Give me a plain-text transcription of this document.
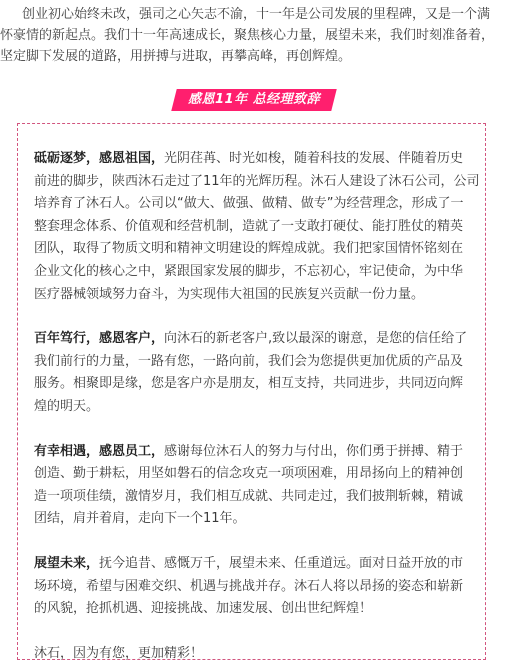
创业初心始终未改，强司之心矢志不渝，十一年是公司发展的里程碑，又是一个满
怀豪情的新起点。我们十一年高速成长，聚焦核心力量，展望未来，我们时刻准备着，
坚定脚下发展的道路，用拼搏与进取，再攀高峰，再创辉煌。
感恩11年 总经理致辞
砥砺逐梦，感恩祖国，光阴荏苒、时光如梭，随着科技的发展、伴随着历史
前进的脚步，陕西沐石走过了11年的光辉历程。沐石人建设了沐石公司，公司
培养育了沐石人。公司以“做大、做强、做精、做专”为经营理念，形成了一
整套理念体系、价值观和经营机制，造就了一支敢打硬仗、能打胜仗的精英
团队，取得了物质文明和精神文明建设的辉煌成就。我们把家国情怀铭刻在
企业文化的核心之中，紧跟国家发展的脚步，不忘初心，牢记使命，为中华
医疗器械领域努力奋斗，为实现伟大祖国的民族复兴贡献一份力量。
百年笃行，感恩客户，向沐石的新老客户,致以最深的谢意，是您的信任给了
我们前行的力量，一路有您，一路向前，我们会为您提供更加优质的产品及
服务。相聚即是缘，您是客户亦是朋友，相互支持，共同进步，共同迈向辉
煌的明天。
有幸相遇，感恩员工，感谢每位沐石人的努力与付出，你们勇于拼搏、精于
创造、勤于耕耘，用坚如磐石的信念攻克一项项困难，用昂扬向上的精神创
造一项项佳绩，激情岁月，我们相互成就、共同走过，我们披荆斩棘，精诚
团结，肩并着肩，走向下一个11年。
展望未来，抚今追昔、感慨万千，展望未来、任重道远。面对日益开放的市
场环境，希望与困难交织、机遇与挑战并存。沐石人将以昂扬的姿态和崭新
的风貌，抢抓机遇、迎接挑战、加速发展、创出世纪辉煌！

沐石，因为有您，更加精彩！
